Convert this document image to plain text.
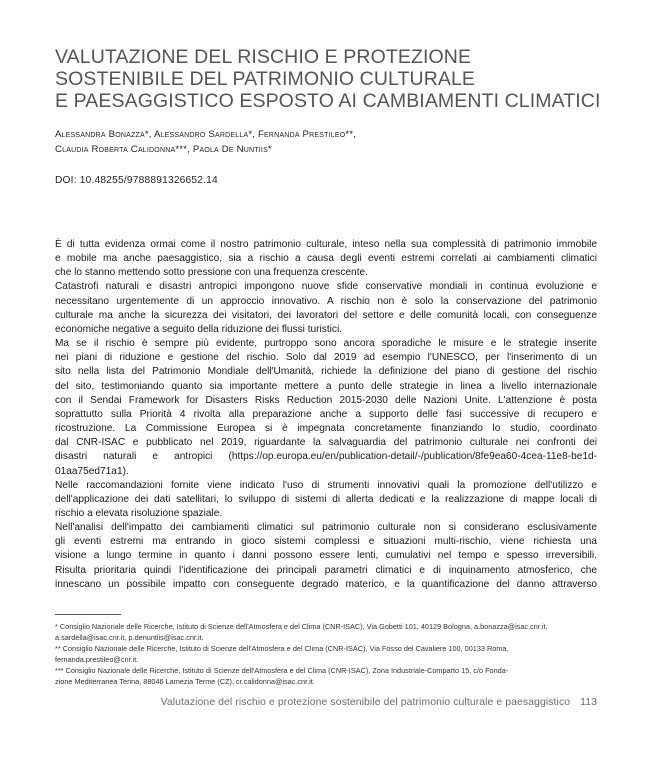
VALUTAZIONE DEL RISCHIO E PROTEZIONE
SOSTENIBILE DEL PATRIMONIO CULTURALE
E PAESAGGISTICO ESPOSTO AI CAMBIAMENTI CLIMATICI
Alessandra Bonazza*, Alessandro Sardella*, Fernanda Prestileo**,
Claudia Roberta Calidonna***, Paola De Nuntiis*
DOI: 10.48255/9788891326652.14
È di tutta evidenza ormai come il nostro patrimonio culturale, inteso nella sua complessità di patrimonio immobile
e mobile ma anche paesaggistico, sia a rischio a causa degli eventi estremi correlati ai cambiamenti climatici
che lo stanno mettendo sotto pressione con una frequenza crescente.
Catastrofi naturali e disastri antropici impongono nuove sfide conservative mondiali in continua evoluzione e
necessitano urgentemente di un approccio innovativo. A rischio non è solo la conservazione del patrimonio
culturale ma anche la sicurezza dei visitatori, dei lavoratori del settore e delle comunità locali, con conseguenze
economiche negative a seguito della riduzione dei flussi turistici.
Ma se il rischio è sempre più evidente, purtroppo sono ancora sporadiche le misure e le strategie inserite
nei piani di riduzione e gestione del rischio. Solo dal 2019 ad esempio l'UNESCO, per l'inserimento di un
sito nella lista del Patrimonio Mondiale dell'Umanità, richiede la definizione del piano di gestione del rischio
del sito, testimoniando quanto sia importante mettere a punto delle strategie in linea a livello internazionale
con il Sendai Framework for Disasters Risks Reduction 2015-2030 delle Nazioni Unite. L'attenzione è posta
soprattutto sulla Priorità 4 rivolta alla preparazione anche a supporto delle fasi successive di recupero e
ricostruzione. La Commissione Europea si è impegnata concretamente finanziando lo studio, coordinato
dal CNR-ISAC e pubblicato nel 2019, riguardante la salvaguardia del patrimonio culturale nei confronti dei
disastri naturali e antropici (https://op.europa.eu/en/publication-detail/-/publication/8fe9ea60-4cea-11e8-be1d-
01aa75ed71a1).
Nelle raccomandazioni fornite viene indicato l'uso di strumenti innovativi quali la promozione dell'utilizzo e
dell'applicazione dei dati satellitari, lo sviluppo di sistemi di allerta dedicati e la realizzazione di mappe locali di
rischio a elevata risoluzione spaziale.
Nell'analisi dell'impatto dei cambiamenti climatici sul patrimonio culturale non si considerano esclusivamente
gli eventi estremi ma entrando in gioco sistemi complessi e situazioni multi-rischio, viene richiesta una
visione a lungo termine in quanto i danni possono essere lenti, cumulativi nel tempo e spesso irreversibili.
Risulta prioritaria quindi l'identificazione dei principali parametri climatici e di inquinamento atmosferico, che
innescano un possibile impatto con conseguente degrado materico, e la quantificazione del danno attraverso
* Consiglio Nazionale delle Ricerche, Istituto di Scienze dell'Atmosfera e del Clima (CNR-ISAC), Via Gobetti 101, 40129 Bologna, a.bonazza@isac.cnr.it,
a.sardella@isac.cnr.it, p.denuntiis@isac.cnr.it.
** Consiglio Nazionale delle Ricerche, Istituto di Scienze dell'Atmosfera e del Clima (CNR-ISAC), Via Fosso del Cavaliere 100, 00133 Roma,
fernanda.prestileo@cnr.it.
*** Consiglio Nazionale delle Ricerche, Istituto di Scienze dell'Atmosfera e del Clima (CNR-ISAC), Zona Industriale-Comparto 15, c/o Fonda-
zione Mediterranea Terina, 88046 Lamezia Terme (CZ), cr.calidonna@isac.cnr.it.
Valutazione del rischio e protezione sostenibile del patrimonio culturale e paesaggistico 113
